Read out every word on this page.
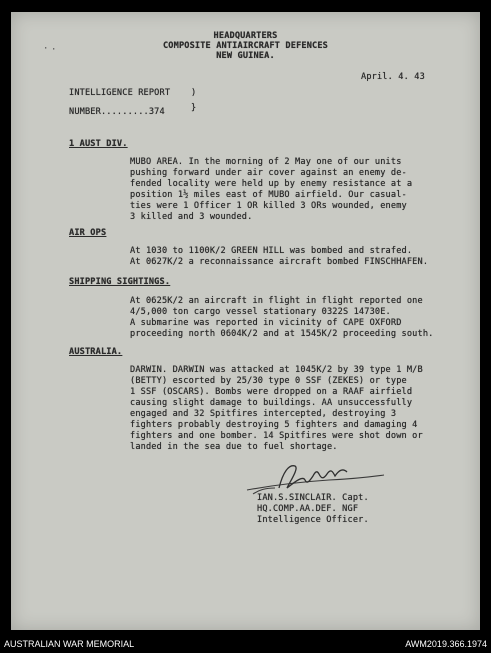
· ·
HEADQUARTERS
COMPOSITE ANTIAIRCRAFT DEFENCES
NEW GUINEA.
April. 4. 43
INTELLIGENCE REPORT )
NUMBER.........374	}
1 AUST DIV.
MUBO AREA. In the morning of 2 May one of our units
pushing forward under air cover against an enemy de-
fended locality were held up by enemy resistance at a
position 1½ miles east of MUBO airfield. Our casual-
ties were 1 Officer 1 OR killed 3 ORs wounded, enemy
3 killed and 3 wounded.
AIR OPS
At 1030 to 1100K/2 GREEN HILL was bombed and strafed.
At 0627K/2 a reconnaissance aircraft bombed FINSCHHAFEN.
SHIPPING SIGHTINGS.
At 0625K/2 an aircraft in flight in flight reported one
4/5,000 ton cargo vessel stationary 0322S 14730E.
A submarine was reported in vicinity of CAPE OXFORD
proceeding north 0604K/2 and at 1545K/2 proceeding south.
AUSTRALIA.
DARWIN. DARWIN was attacked at 1045K/2 by 39 type 1 M/B
(BETTY) escorted by 25/30 type 0 SSF (ZEKES) or type
1 SSF (OSCARS). Bombs were dropped on a RAAF airfield
causing slight damage to buildings. AA unsuccessfully
engaged and 32 Spitfires intercepted, destroying 3
fighters probably destroying 5 fighters and damaging 4
fighters and one bomber. 14 Spitfires were shot down or
landed in the sea due to fuel shortage.
IAN.S.SINCLAIR. Capt.
HQ.COMP.AA.DEF. NGF
Intelligence Officer.
AUSTRALIAN WAR MEMORIAL	AWM2019.366.1974
